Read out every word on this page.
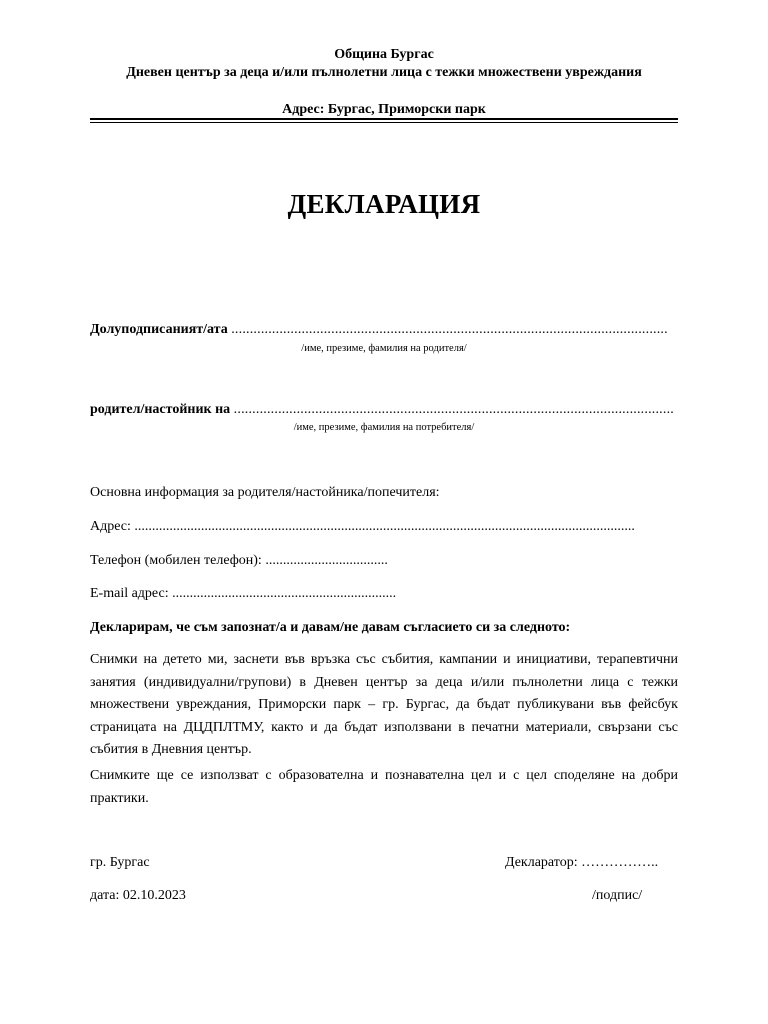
Община Бургас
Дневен център за деца и/или пълнолетни лица с тежки множествени увреждания
Адрес: Бургас, Приморски парк
ДЕКЛАРАЦИЯ
Долуподписаният/ата ......................................................................................................................
/име, презиме, фамилия на родителя/
родител/настойник на .......................................................................................................................
/име, презиме, фамилия на потребителя/
Основна информация за родителя/настойника/попечителя:
Адрес: ...............................................................................................................................................
Телефон (мобилен телефон): ...................................
E-mail адрес: ................................................................
Декларирам, че съм запознат/а и давам/не давам съгласието си за следното:
Снимки на детето ми, заснети във връзка със събития, кампании и инициативи, терапевтични занятия (индивидуални/групови) в Дневен център за деца и/или пълнолетни лица с тежки множествени увреждания, Приморски парк – гр. Бургас, да бъдат публикувани във фейсбук страницата на ДЦДПЛТМУ, както и да бъдат използвани в печатни материали, свързани със събития в Дневния център.
Снимките ще се използват с образователна и познавателна цел и с цел споделяне на добри практики.
гр. Бургас
дата: 02.10.2023
Декларатор: ……………..
/подпис/
